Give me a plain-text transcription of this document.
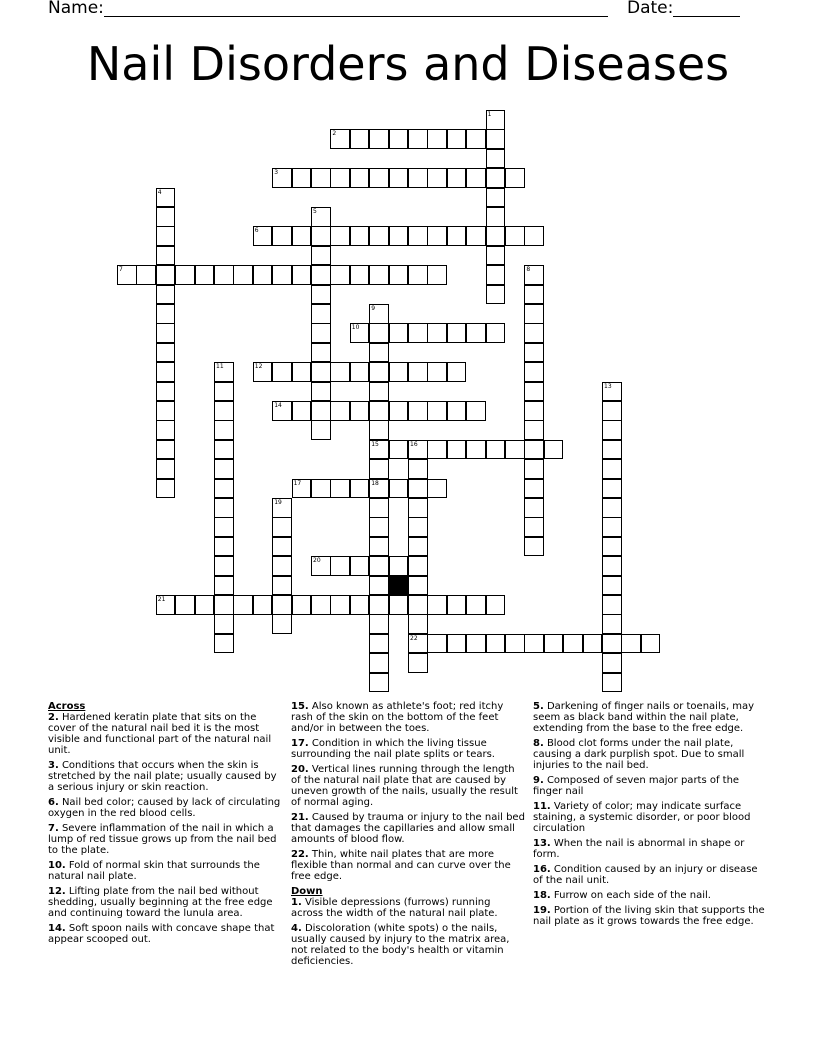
Name:	Date:
Nail Disorders and Diseases
1
2
3
4
5
6
7	8
9
15
18
10
11	12
13
14
16
22
17
19
20
21
Across
2. Hardened keratin plate that sits on the cover of the natural nail bed it is the most visible and functional part of the natural nail unit.
3. Conditions that occurs when the skin is stretched by the nail plate; usually caused by a serious injury or skin reaction.
6. Nail bed color; caused by lack of circulating oxygen in the red blood cells.
7. Severe inflammation of the nail in which a lump of red tissue grows up from the nail bed to the plate.
10. Fold of normal skin that surrounds the natural nail plate.
12. Lifting plate from the nail bed without shedding, usually beginning at the free edge and continuing toward the lunula area.
14. Soft spoon nails with concave shape that appear scooped out.
15. Also known as athlete's foot; red itchy rash of the skin on the bottom of the feet and/or in between the toes.
17. Condition in which the living tissue surrounding the nail plate splits or tears.
20. Vertical lines running through the length of the natural nail plate that are caused by uneven growth of the nails, usually the result of normal aging.
21. Caused by trauma or injury to the nail bed that damages the capillaries and allow small amounts of blood flow.
22. Thin, white nail plates that are more flexible than normal and can curve over the free edge.
Down
1. Visible depressions (furrows) running across the width of the natural nail plate.
4. Discoloration (white spots) o the nails, usually caused by injury to the matrix area, not related to the body's health or vitamin deficiencies.
5. Darkening of finger nails or toenails, may seem as black band within the nail plate, extending from the base to the free edge.
8. Blood clot forms under the nail plate, causing a dark purplish spot. Due to small injuries to the nail bed.
9. Composed of seven major parts of the finger nail
11. Variety of color; may indicate surface staining, a systemic disorder, or poor blood circulation
13. When the nail is abnormal in shape or form.
16. Condition caused by an injury or disease of the nail unit.
18. Furrow on each side of the nail.
19. Portion of the living skin that supports the nail plate as it grows towards the free edge.
